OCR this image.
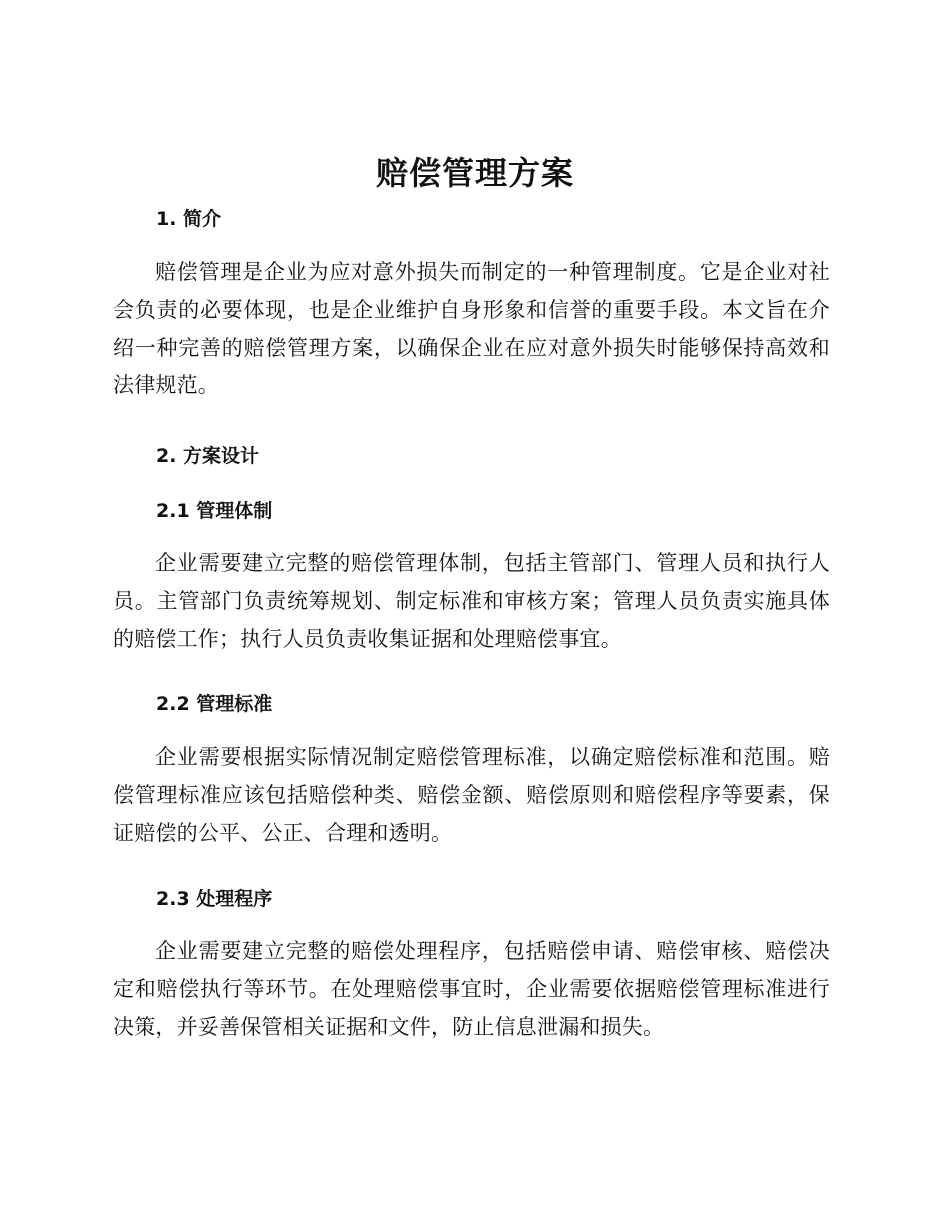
赔偿管理方案
1. 简介

赔偿管理是企业为应对意外损失而制定的一种管理制度。它是企业对社会负责的必要体现，也是企业维护自身形象和信誉的重要手段。本文旨在介绍一种完善的赔偿管理方案，以确保企业在应对意外损失时能够保持高效和法律规范。

2. 方案设计
2.1 管理体制

企业需要建立完整的赔偿管理体制，包括主管部门、管理人员和执行人员。主管部门负责统筹规划、制定标准和审核方案；管理人员负责实施具体的赔偿工作；执行人员负责收集证据和处理赔偿事宜。

2.2 管理标准

企业需要根据实际情况制定赔偿管理标准，以确定赔偿标准和范围。赔偿管理标准应该包括赔偿种类、赔偿金额、赔偿原则和赔偿程序等要素，保证赔偿的公平、公正、合理和透明。

2.3 处理程序

企业需要建立完整的赔偿处理程序，包括赔偿申请、赔偿审核、赔偿决定和赔偿执行等环节。在处理赔偿事宜时，企业需要依据赔偿管理标准进行决策，并妥善保管相关证据和文件，防止信息泄漏和损失。
